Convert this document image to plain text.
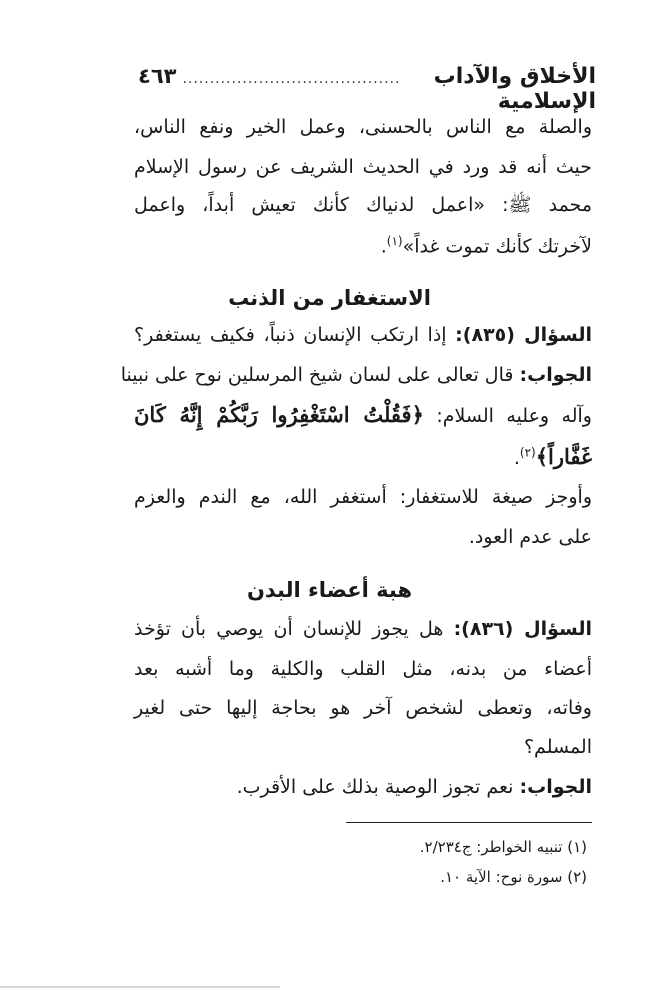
٤٦٣ ........................................	الأخلاق والآداب الإسلامية
والصلة مع الناس بالحسنى، وعمل الخير ونفع الناس،
حيث أنه قد ورد في الحديث الشريف عن رسول الإسلام
محمد ﷺ: «اعمل لدنياك كأنك تعيش أبداً، واعمل
لآخرتك كأنك تموت غداً»$^{(١)}$.
الاستغفار من الذنب
السؤال (٨٣٥): إذا ارتكب الإنسان ذنباً، فكيف يستغفر؟
الجواب: قال تعالى على لسان شيخ المرسلين نوح على نبينا
وآله وعليه السلام: ﴿فَقُلْتُ اسْتَغْفِرُوا رَبَّكُمْ إِنَّهُ كَانَ
غَفَّاراً﴾$^{(٢)}$.
وأوجز صيغة للاستغفار: أستغفر الله، مع الندم والعزم
على عدم العود.
هبة أعضاء البدن
السؤال (٨٣٦): هل يجوز للإنسان أن يوصي بأن تؤخذ
أعضاء من بدنه، مثل القلب والكلية وما أشبه بعد
وفاته، وتعطى لشخص آخر هو بحاجة إليها حتى لغير
المسلم؟
الجواب: نعم تجوز الوصية بذلك على الأقرب.
(١) تنبيه الخواطر: ج٢/٢٣٤.
(٢) سورة نوح: الآية ١٠.
